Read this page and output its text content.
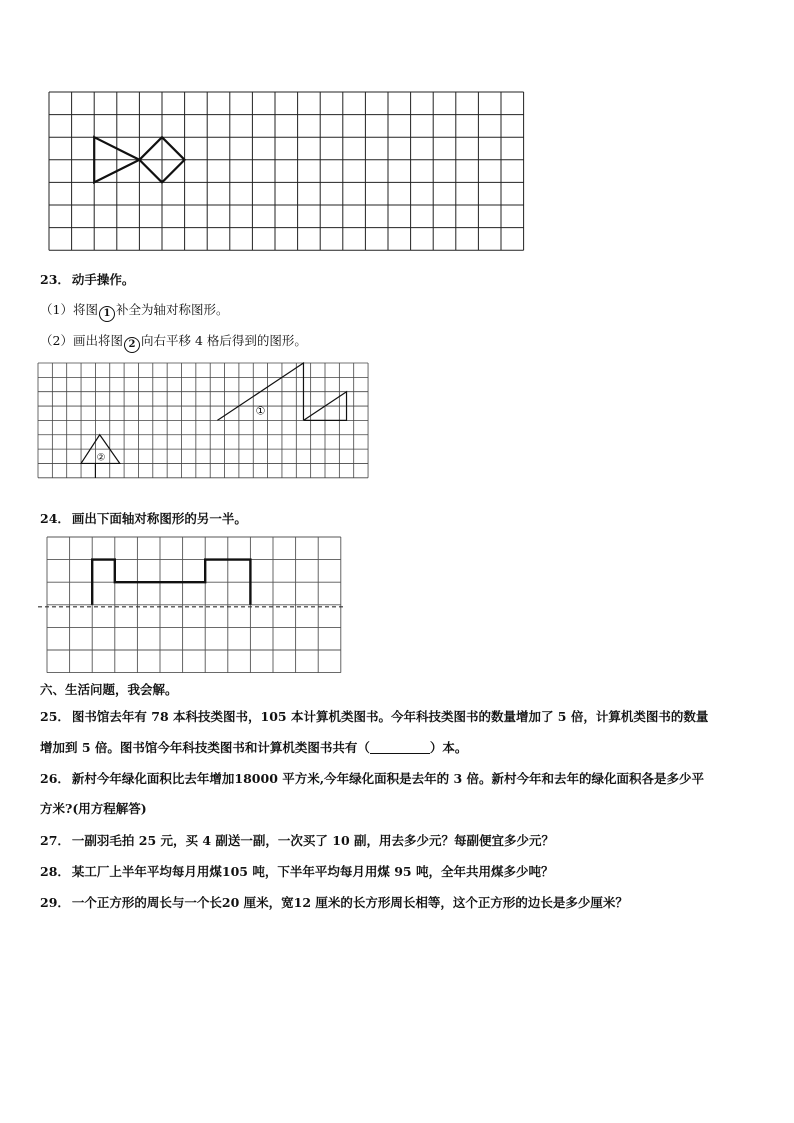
23． 动手操作。
（1）将图 1 补全为轴对称图形。
（2）画出将图 2 向右平移 4 格后得到的图形。
①
②
24． 画出下面轴对称图形的另一半。
六、生活问题，我会解。
25． 图书馆去年有 78 本科技类图书，105 本计算机类图书。今年科技类图书的数量增加了 5 倍，计算机类图书的数量
增加到 5 倍。图书馆今年科技类图书和计算机类图书共有（	）本。
26． 新村今年绿化面积比去年增加18000 平方米,今年绿化面积是去年的 3 倍。新村今年和去年的绿化面积各是多少平
方米?(用方程解答)
27． 一副羽毛拍 25 元，买 4 副送一副，一次买了 10 副，用去多少元？每副便宜多少元？
28． 某工厂上半年平均每月用煤105 吨，下半年平均每月用煤 95 吨，全年共用煤多少吨？
29． 一个正方形的周长与一个长20 厘米，宽12 厘米的长方形周长相等，这个正方形的边长是多少厘米？
